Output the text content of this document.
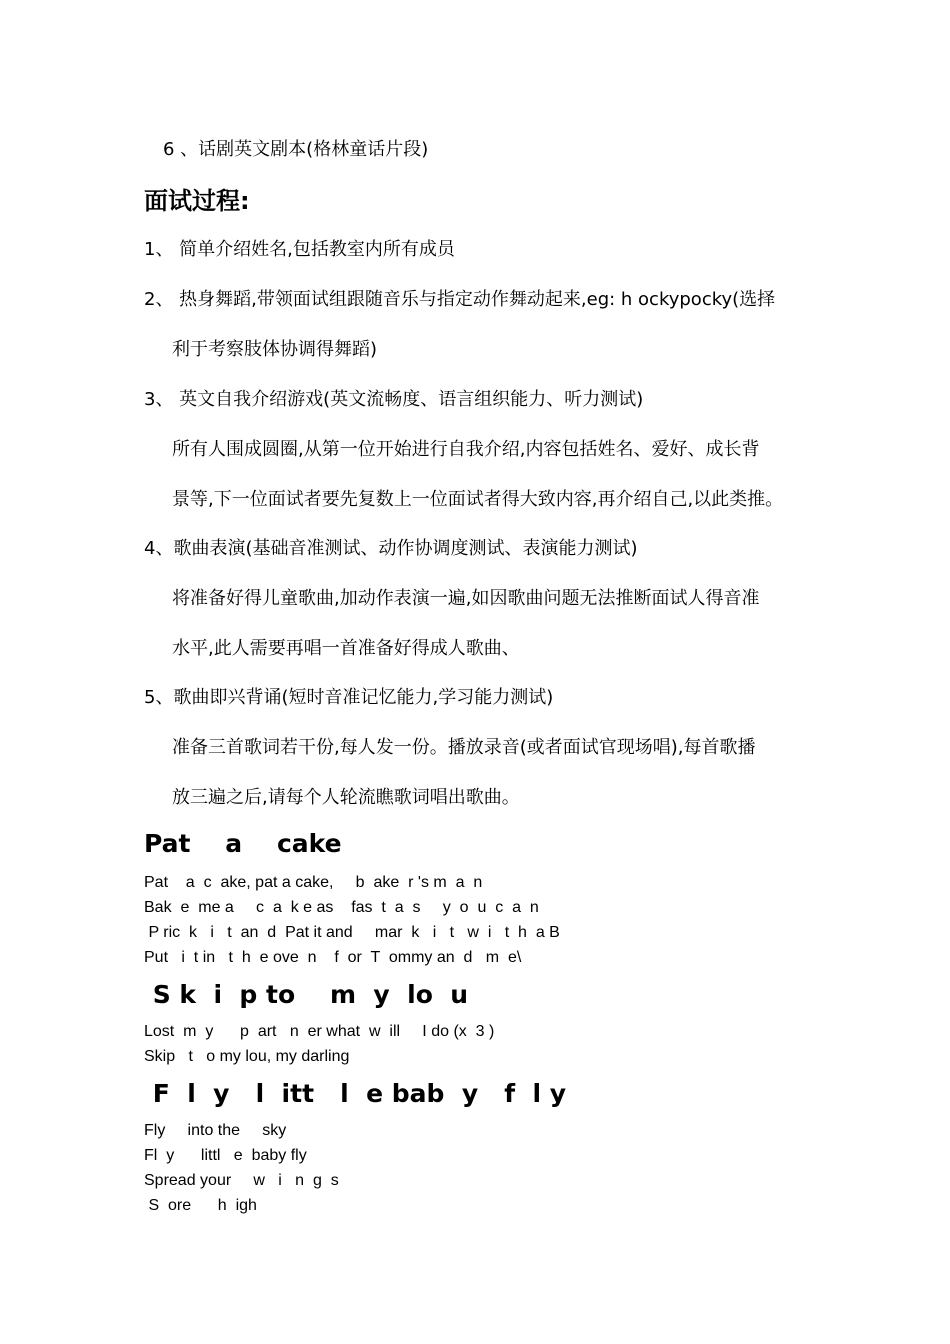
6 、话剧英文剧本(格林童话片段)
面试过程:
1、 简单介绍姓名,包括教室内所有成员
2、 热身舞蹈,带领面试组跟随音乐与指定动作舞动起来,eg: h ockypocky(选择
利于考察肢体协调得舞蹈)
3、 英文自我介绍游戏(英文流畅度、语言组织能力、听力测试)
所有人围成圆圈,从第一位开始进行自我介绍,内容包括姓名、爱好、成长背
景等,下一位面试者要先复数上一位面试者得大致内容,再介绍自己,以此类推。
4、歌曲表演(基础音准测试、动作协调度测试、表演能力测试)
将准备好得儿童歌曲,加动作表演一遍,如因歌曲问题无法推断面试人得音准
水平,此人需要再唱一首准备好得成人歌曲、
5、歌曲即兴背诵(短时音准记忆能力,学习能力测试)
准备三首歌词若干份,每人发一份。播放录音(或者面试官现场唱),每首歌播
放三遍之后,请每个人轮流瞧歌词唱出歌曲。
Pat    a    cake
Pat    a  c  ake, pat a cake,     b  ake  r 's m  a  n
Bak  e  me a     c  a  k e as    fas  t  a  s     y  o  u  c  a  n
P ric  k   i   t  an  d  Pat it and     mar  k   i   t   w  i   t  h  a B
Put   i  t in   t  h  e ove  n    f  or  T  ommy an  d   m  e\
S k  i  p to    m  y  lo  u
Lost  m  y      p  art   n  er what  w  ill     I do (x  3 )
Skip   t   o my lou, my darling
F  l  y   l  itt   l  e bab  y   f  l y
Fly     into the     sky
Fl  y      littl   e  baby fly
Spread your     w   i   n  g  s
S  ore      h  igh
